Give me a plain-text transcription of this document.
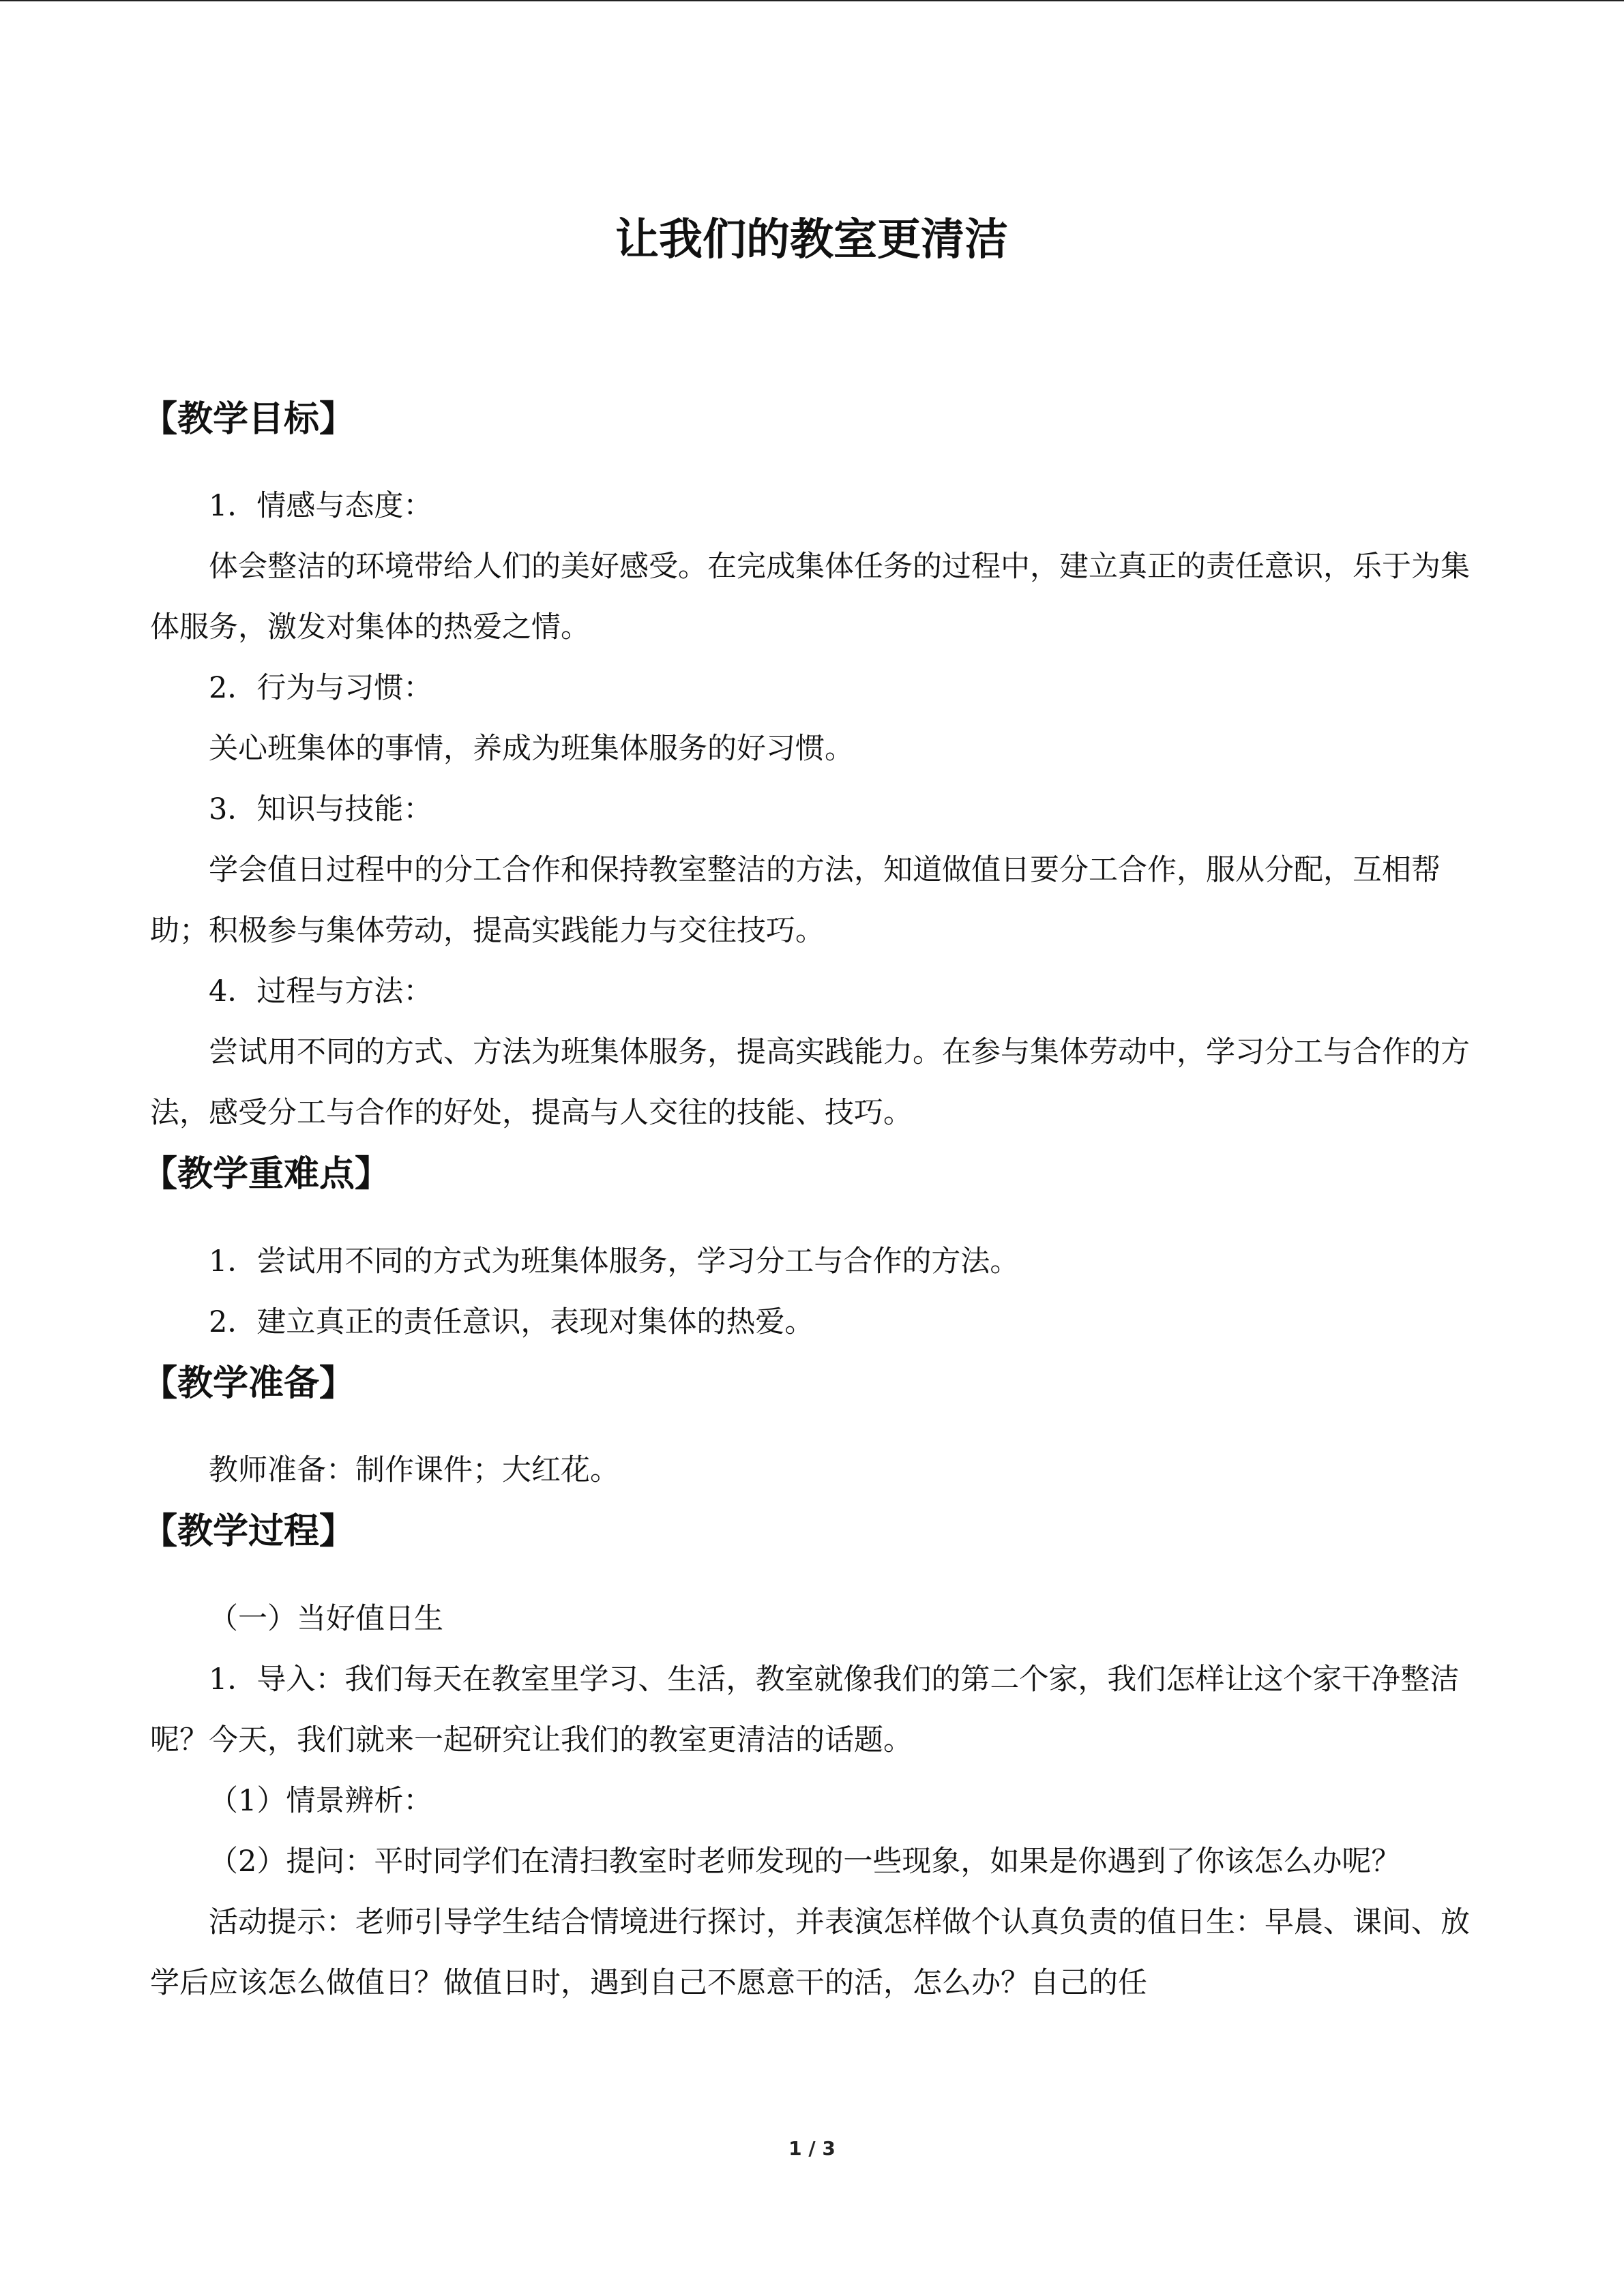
让我们的教室更清洁
【教学目标】

1．情感与态度：

体会整洁的环境带给人们的美好感受。在完成集体任务的过程中，建立真正的责任意识，乐于为集体服务，激发对集体的热爱之情。

2．行为与习惯：

关心班集体的事情，养成为班集体服务的好习惯。

3．知识与技能：

学会值日过程中的分工合作和保持教室整洁的方法，知道做值日要分工合作，服从分配，互相帮助；积极参与集体劳动，提高实践能力与交往技巧。

4．过程与方法：

尝试用不同的方式、方法为班集体服务，提高实践能力。在参与集体劳动中，学习分工与合作的方法，感受分工与合作的好处，提高与人交往的技能、技巧。

【教学重难点】

1．尝试用不同的方式为班集体服务，学习分工与合作的方法。

2．建立真正的责任意识，表现对集体的热爱。

【教学准备】

教师准备：制作课件；大红花。

【教学过程】

（一）当好值日生

1．导入：我们每天在教室里学习、生活，教室就像我们的第二个家，我们怎样让这个家干净整洁呢？今天，我们就来一起研究让我们的教室更清洁的话题。

（1）情景辨析：

（2）提问：平时同学们在清扫教室时老师发现的一些现象，如果是你遇到了你该怎么办呢？

活动提示：老师引导学生结合情境进行探讨，并表演怎样做个认真负责的值日生：早晨、课间、放学后应该怎么做值日？做值日时，遇到自己不愿意干的活，怎么办？自己的任

1 / 3
